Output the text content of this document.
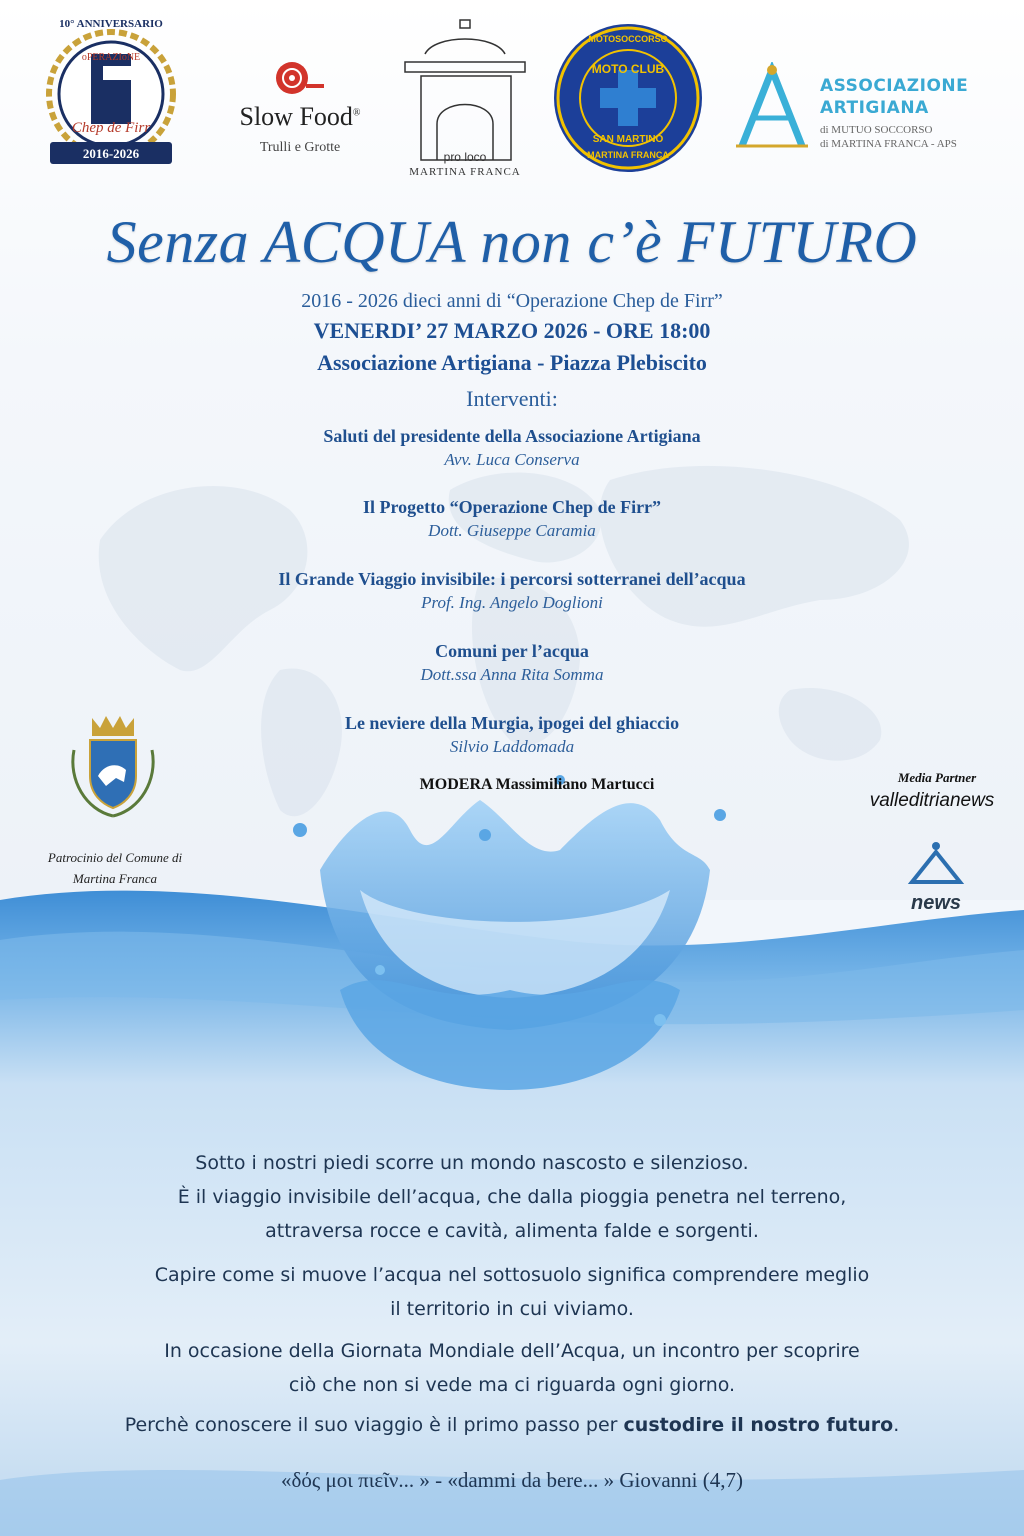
10° ANNIVERSARIO
oPERAZIoNE
Chep de Firr
2016-2026
Slow Food®
Trulli e Grotte
pro loco
MARTINA FRANCA
MOTOSOCCORSO
MOTO CLUB
SAN MARTINO
MARTINA FRANCA
ASSOCIAZIONE
ARTIGIANA
di MUTUO SOCCORSO
di MARTINA FRANCA - APS
Senza ACQUA non c’è FUTURO
2016 - 2026 dieci anni di “Operazione Chep de Firr”
VENERDI’ 27 MARZO 2026 - ORE 18:00
Associazione Artigiana - Piazza Plebiscito
Interventi:
Saluti del presidente della Associazione Artigiana
Avv. Luca Conserva
Il Progetto “Operazione Chep de Firr”
Dott. Giuseppe Caramia
Il Grande Viaggio invisibile: i percorsi sotterranei dell’acqua
Prof. Ing. Angelo Doglioni
Comuni per l’acqua
Dott.ssa Anna Rita Somma
Le neviere della Murgia, ipogei del ghiaccio
Silvio Laddomada
MODERA Massimiliano Martucci
Patrocinio del Comune di
Martina Franca
Media Partner
valleditrianews
news
Sotto i nostri piedi scorre un mondo nascosto e silenzioso.
È il viaggio invisibile dell’acqua, che dalla pioggia penetra nel terreno,
attraversa rocce e cavità, alimenta falde e sorgenti.
Capire come si muove l’acqua nel sottosuolo significa comprendere meglio
il territorio in cui viviamo.
In occasione della Giornata Mondiale dell’Acqua, un incontro per scoprire
ciò che non si vede ma ci riguarda ogni giorno.
Perchè conoscere il suo viaggio è il primo passo per custodire il nostro futuro.
«δός μοι πιεῖν... » - «dammi da bere... » Giovanni (4,7)
